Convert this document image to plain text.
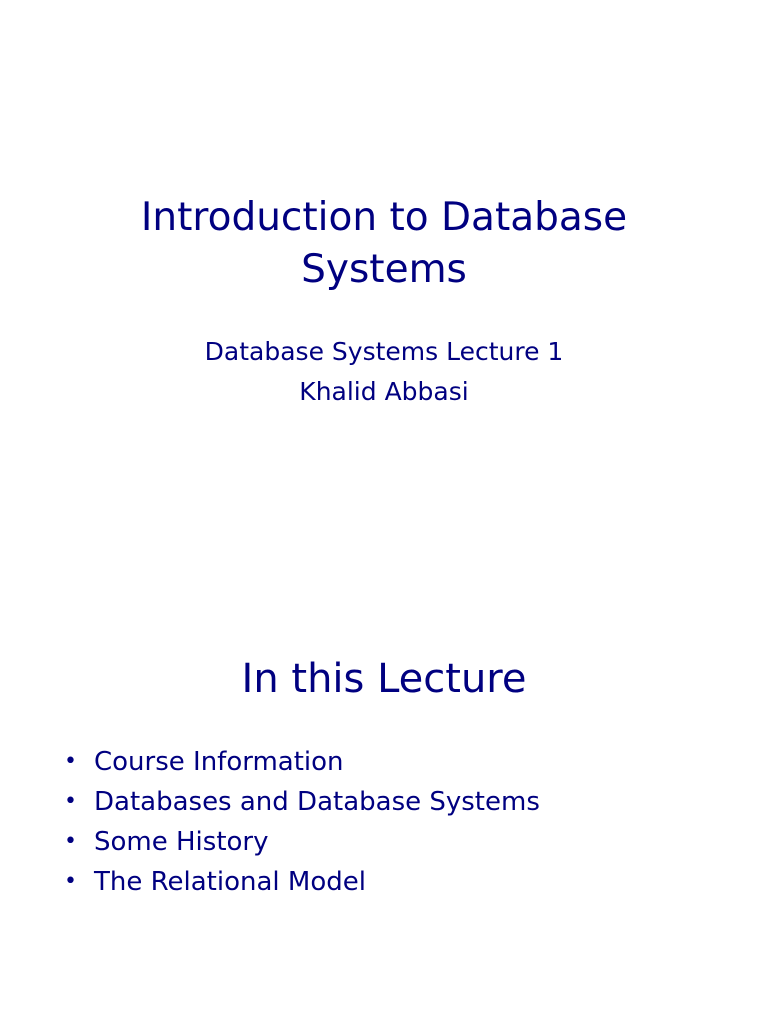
Introduction to Database
Systems
Database Systems Lecture 1
Khalid Abbasi
In this Lecture
• Course Information
• Databases and Database Systems
• Some History
• The Relational Model
